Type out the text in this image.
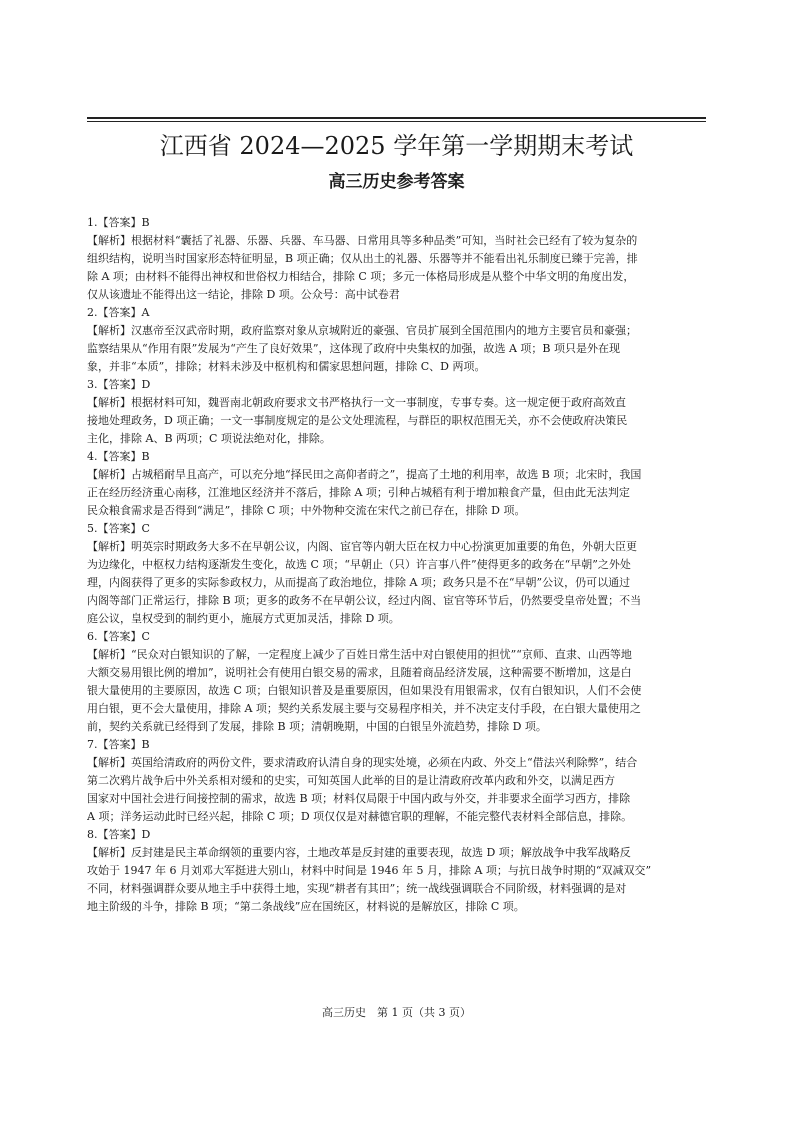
江西省 2024—2025 学年第一学期期末考试
高三历史参考答案
1.【答案】B
【解析】根据材料“囊括了礼器、乐器、兵器、车马器、日常用具等多种品类”可知，当时社会已经有了较为复杂的
组织结构，说明当时国家形态特征明显，B 项正确；仅从出土的礼器、乐器等并不能看出礼乐制度已臻于完善，排
除 A 项；由材料不能得出神权和世俗权力相结合，排除 C 项；多元一体格局形成是从整个中华文明的角度出发，
仅从该遗址不能得出这一结论，排除 D 项。公众号：高中试卷君
2.【答案】A
【解析】汉惠帝至汉武帝时期，政府监察对象从京城附近的豪强、官员扩展到全国范围内的地方主要官员和豪强；
监察结果从“作用有限”发展为“产生了良好效果”，这体现了政府中央集权的加强，故选 A 项；B 项只是外在现
象，并非“本质”，排除；材料未涉及中枢机构和儒家思想问题，排除 C、D 两项。
3.【答案】D
【解析】根据材料可知，魏晋南北朝政府要求文书严格执行一文一事制度，专事专奏。这一规定便于政府高效直
接地处理政务，D 项正确；一文一事制度规定的是公文处理流程，与群臣的职权范围无关，亦不会使政府决策民
主化，排除 A、B 两项；C 项说法绝对化，排除。
4.【答案】B
【解析】占城稻耐旱且高产，可以充分地“择民田之高仰者莳之”，提高了土地的利用率，故选 B 项；北宋时，我国
正在经历经济重心南移，江淮地区经济并不落后，排除 A 项；引种占城稻有利于增加粮食产量，但由此无法判定
民众粮食需求是否得到“满足”，排除 C 项；中外物种交流在宋代之前已存在，排除 D 项。
5.【答案】C
【解析】明英宗时期政务大多不在早朝公议，内阁、宦官等内朝大臣在权力中心扮演更加重要的角色，外朝大臣更
为边缘化，中枢权力结构逐渐发生变化，故选 C 项；“早朝止（只）许言事八件”使得更多的政务在“早朝”之外处
理，内阁获得了更多的实际参政权力，从而提高了政治地位，排除 A 项；政务只是不在“早朝”公议，仍可以通过
内阁等部门正常运行，排除 B 项；更多的政务不在早朝公议，经过内阁、宦官等环节后，仍然要受皇帝处置；不当
庭公议，皇权受到的制约更小，施展方式更加灵活，排除 D 项。
6.【答案】C
【解析】“民众对白银知识的了解，一定程度上减少了百姓日常生活中对白银使用的担忧”“京师、直隶、山西等地
大额交易用银比例的增加”，说明社会有使用白银交易的需求，且随着商品经济发展，这种需要不断增加，这是白
银大量使用的主要原因，故选 C 项；白银知识普及是重要原因，但如果没有用银需求，仅有白银知识，人们不会使
用白银，更不会大量使用，排除 A 项；契约关系发展主要与交易程序相关，并不决定支付手段，在白银大量使用之
前，契约关系就已经得到了发展，排除 B 项；清朝晚期，中国的白银呈外流趋势，排除 D 项。
7.【答案】B
【解析】英国给清政府的两份文件，要求清政府认清自身的现实处境，必须在内政、外交上“借法兴利除弊”，结合
第二次鸦片战争后中外关系相对缓和的史实，可知英国人此举的目的是让清政府改革内政和外交，以满足西方
国家对中国社会进行间接控制的需求，故选 B 项；材料仅局限于中国内政与外交，并非要求全面学习西方，排除
A 项；洋务运动此时已经兴起，排除 C 项；D 项仅仅是对赫德官职的理解，不能完整代表材料全部信息，排除。
8.【答案】D
【解析】反封建是民主革命纲领的重要内容，土地改革是反封建的重要表现，故选 D 项；解放战争中我军战略反
攻始于 1947 年 6 月刘邓大军挺进大别山，材料中时间是 1946 年 5 月，排除 A 项；与抗日战争时期的“双减双交”
不同，材料强调群众要从地主手中获得土地，实现“耕者有其田”；统一战线强调联合不同阶级，材料强调的是对
地主阶级的斗争，排除 B 项；“第二条战线”应在国统区，材料说的是解放区，排除 C 项。
高三历史　第 1 页（共 3 页）
